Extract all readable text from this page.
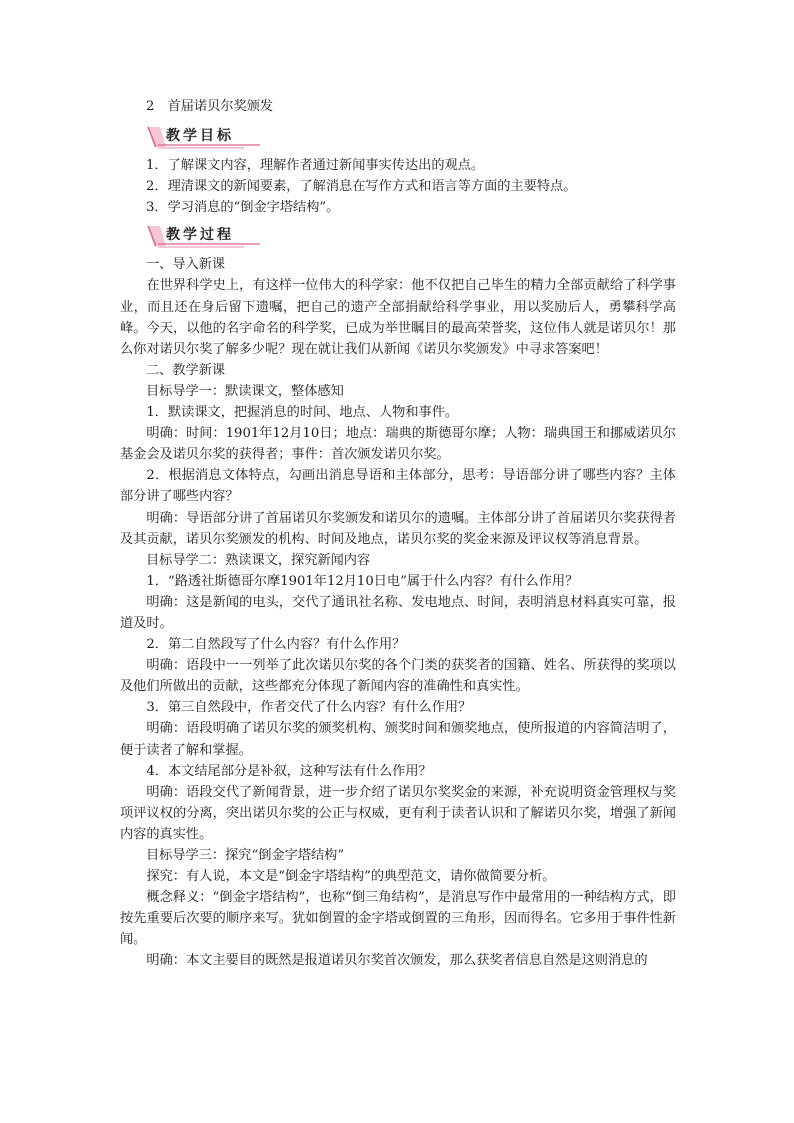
2　首届诺贝尔奖颁发

教学目标

1．了解课文内容，理解作者通过新闻事实传达出的观点。

2．理清课文的新闻要素，了解消息在写作方式和语言等方面的主要特点。

3．学习消息的“倒金字塔结构”。

教学过程

一、导入新课

在世界科学史上，有这样一位伟大的科学家：他不仅把自己毕生的精力全部贡献给了科学事业，而且还在身后留下遗嘱，把自己的遗产全部捐献给科学事业，用以奖励后人，勇攀科学高峰。今天，以他的名字命名的科学奖，已成为举世瞩目的最高荣誉奖，这位伟人就是诺贝尔！那么你对诺贝尔奖了解多少呢？现在就让我们从新闻《诺贝尔奖颁发》中寻求答案吧！

二、教学新课

目标导学一：默读课文，整体感知

1．默读课文，把握消息的时间、地点、人物和事件。

明确：时间：1901年12月10日；地点：瑞典的斯德哥尔摩；人物：瑞典国王和挪威诺贝尔基金会及诺贝尔奖的获得者；事件：首次颁发诺贝尔奖。

2．根据消息文体特点，勾画出消息导语和主体部分，思考：导语部分讲了哪些内容？主体部分讲了哪些内容？

明确：导语部分讲了首届诺贝尔奖颁发和诺贝尔的遗嘱。主体部分讲了首届诺贝尔奖获得者及其贡献，诺贝尔奖颁发的机构、时间及地点，诺贝尔奖的奖金来源及评议权等消息背景。

目标导学二：熟读课文，探究新闻内容

1．“路透社斯德哥尔摩1901年12月10日电”属于什么内容？有什么作用？

明确：这是新闻的电头，交代了通讯社名称、发电地点、时间，表明消息材料真实可靠，报道及时。

2．第二自然段写了什么内容？有什么作用？

明确：语段中一一列举了此次诺贝尔奖的各个门类的获奖者的国籍、姓名、所获得的奖项以及他们所做出的贡献，这些都充分体现了新闻内容的准确性和真实性。

3．第三自然段中，作者交代了什么内容？有什么作用？

明确：语段明确了诺贝尔奖的颁奖机构、颁奖时间和颁奖地点，使所报道的内容简洁明了，便于读者了解和掌握。

4．本文结尾部分是补叙，这种写法有什么作用？

明确：语段交代了新闻背景，进一步介绍了诺贝尔奖奖金的来源，补充说明资金管理权与奖项评议权的分离，突出诺贝尔奖的公正与权威，更有利于读者认识和了解诺贝尔奖，增强了新闻内容的真实性。

目标导学三：探究“倒金字塔结构”

探究：有人说，本文是“倒金字塔结构”的典型范文，请你做简要分析。

概念释义：“倒金字塔结构”，也称“倒三角结构”，是消息写作中最常用的一种结构方式，即按先重要后次要的顺序来写。犹如倒置的金字塔或倒置的三角形，因而得名。它多用于事件性新闻。

明确：本文主要目的既然是报道诺贝尔奖首次颁发，那么获奖者信息自然是这则消息的
